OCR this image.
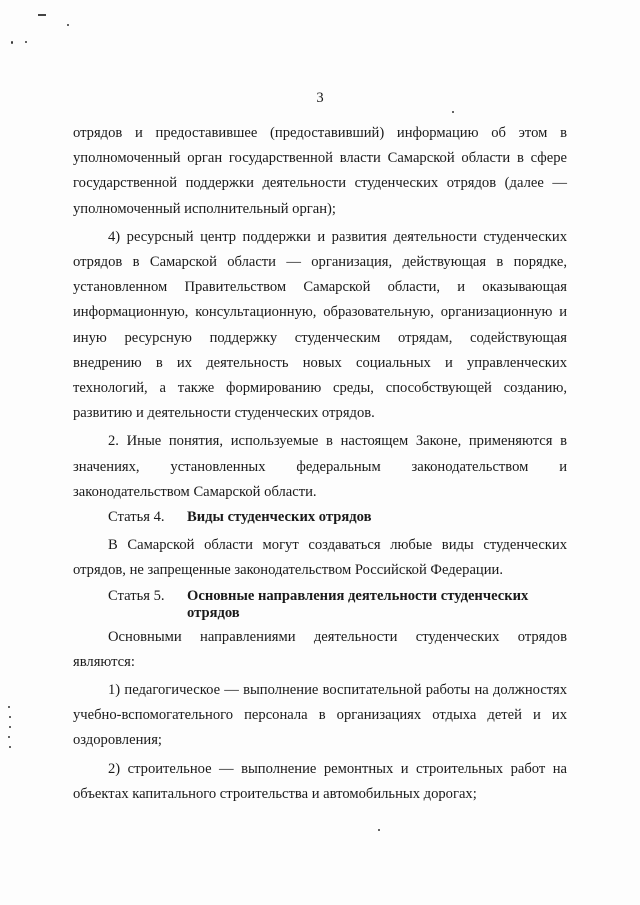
3

отрядов и предоставившее (предоставивший) информацию об этом в уполномоченный орган государственной власти Самарской области в сфере государственной поддержки деятельности студенческих отрядов (далее — уполномоченный исполнительный орган);

4) ресурсный центр поддержки и развития деятельности студенческих отрядов в Самарской области — организация, действующая в порядке, установленном Правительством Самарской области, и оказывающая информационную, консультационную, образовательную, организационную и иную ресурсную поддержку студенческим отрядам, содействующая внедрению в их деятельность новых социальных и управленческих технологий, а также формированию среды, способствующей созданию, развитию и деятельности студенческих отрядов.

2. Иные понятия, используемые в настоящем Законе, применяются в значениях, установленных федеральным законодательством и законодательством Самарской области.

Статья 4.	Виды студенческих отрядов

В Самарской области могут создаваться любые виды студенческих отрядов, не запрещенные законодательством Российской Федерации.

Статья 5.	Основные направления деятельности студенческих отрядов

Основными направлениями деятельности студенческих отрядов являются:

1) педагогическое — выполнение воспитательной работы на должностях учебно-вспомогательного персонала в организациях отдыха детей и их оздоровления;

2) строительное — выполнение ремонтных и строительных работ на объектах капитального строительства и автомобильных дорогах;
